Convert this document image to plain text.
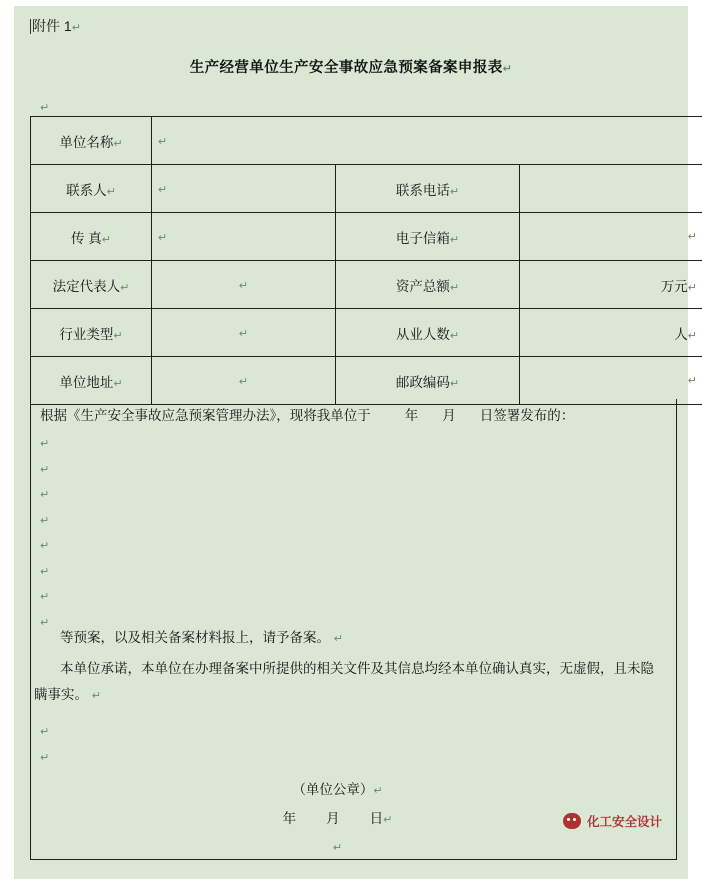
附件 1↵
生产经营单位生产安全事故应急预案备案申报表↵
↵
单位名称↵	↵		
联系人↵	↵	联系电话↵	
传 真↵	↵	电子信箱↵	↵

法定代表人↵	↵	资产总额↵	万元↵
行业类型↵	↵	从业人数↵	人↵
单位地址↵	↵	邮政编码↵	↵
根据《生产安全事故应急预案管理办法》，现将我单位于	年 月 日签署发布的：
↵
↵
↵
↵
↵
↵
↵
↵
等预案，以及相关备案材料报上，请予备案。 ↵
本单位承诺，本单位在办理备案中所提供的相关文件及其信息均经本单位确认真实，无虚假，且未隐瞒事实。 ↵
↵
↵
（单位公章）↵
年 月 日↵
↵
化工安全设计
